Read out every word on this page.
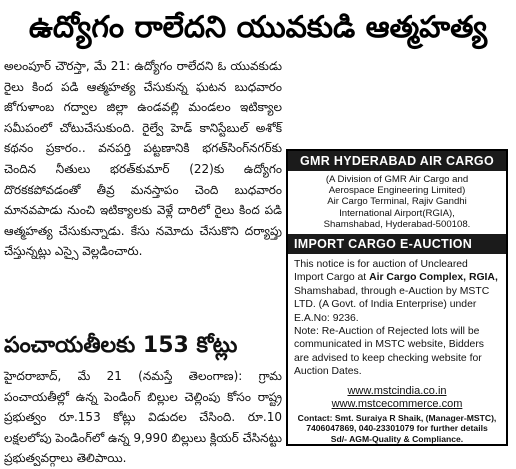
ఉద్యోగం రాలేదని యువకుడి ఆత్మహత్య

అలంపూర్ చౌరస్తా, మే 21: ఉద్యోగం రాలేదని ఓ యువకుడు రైలు కింద పడి ఆత్మహత్య చేసుకున్న ఘటన బుధవారం జోగుళాంబ గద్వాల జిల్లా ఉండవల్లి మండలం ఇటిక్యాల సమీపంలో చోటుచేసుకుంది. రైల్వే హెడ్ కానిస్టేబుల్ అశోక్ కథనం ప్రకారం.. వనపర్తి పట్టణానికి భగత్‌సింగ్‌నగర్‌కు చెందిన నీతులు భరత్‌కుమార్ (22)కు ఉద్యోగం దొరకకపోవడంతో తీవ్ర మనస్తాపం చెంది బుధవారం మానవపాడు నుంచి ఇటిక్యాలకు వెళ్లే దారిలో రైలు కింద పడి ఆత్మహత్య చేసుకున్నాడు. కేసు నమోదు చేసుకొని దర్యాప్తు చేస్తున్నట్లు ఎస్సై వెల్లడించారు.

పంచాయతీలకు 153 కోట్లు

హైదరాబాద్, మే 21 (నమస్తే తెలంగాణ): గ్రామ పంచాయతీల్లో ఉన్న పెండింగ్ బిల్లుల చెల్లింపు కోసం రాష్ట్ర ప్రభుత్వం రూ.153 కోట్లు విడుదల చేసింది. రూ.10 లక్షలలోపు పెండింగ్‌లో ఉన్న 9,990 బిల్లులు క్లియర్ చేసినట్టు ప్రభుత్వవర్గాలు తెలిపాయి.

GMR HYDERABAD AIR CARGO
(A Division of GMR Air Cargo and
Aerospace Engineering Limited)
Air Cargo Terminal, Rajiv Gandhi
International Airport(RGIA),
Shamshabad, Hyderabad-500108.
IMPORT CARGO E-AUCTION

This notice is for auction of Uncleared Import Cargo at Air Cargo Complex, RGIA, Shamshabad, through e-Auction by MSTC LTD. (A Govt. of India Enterprise) under E.A.No: 9236.

Note: Re-Auction of Rejected lots will be communicated in MSTC website, Bidders are advised to keep checking website for Auction Dates.

www.mstcindia.co.in
www.mstcecommerce.com
Contact: Smt. Suraiya R Shaik, (Manager-MSTC),
7406047869, 040-23301079 for further details
Sd/- AGM-Quality & Compliance.
